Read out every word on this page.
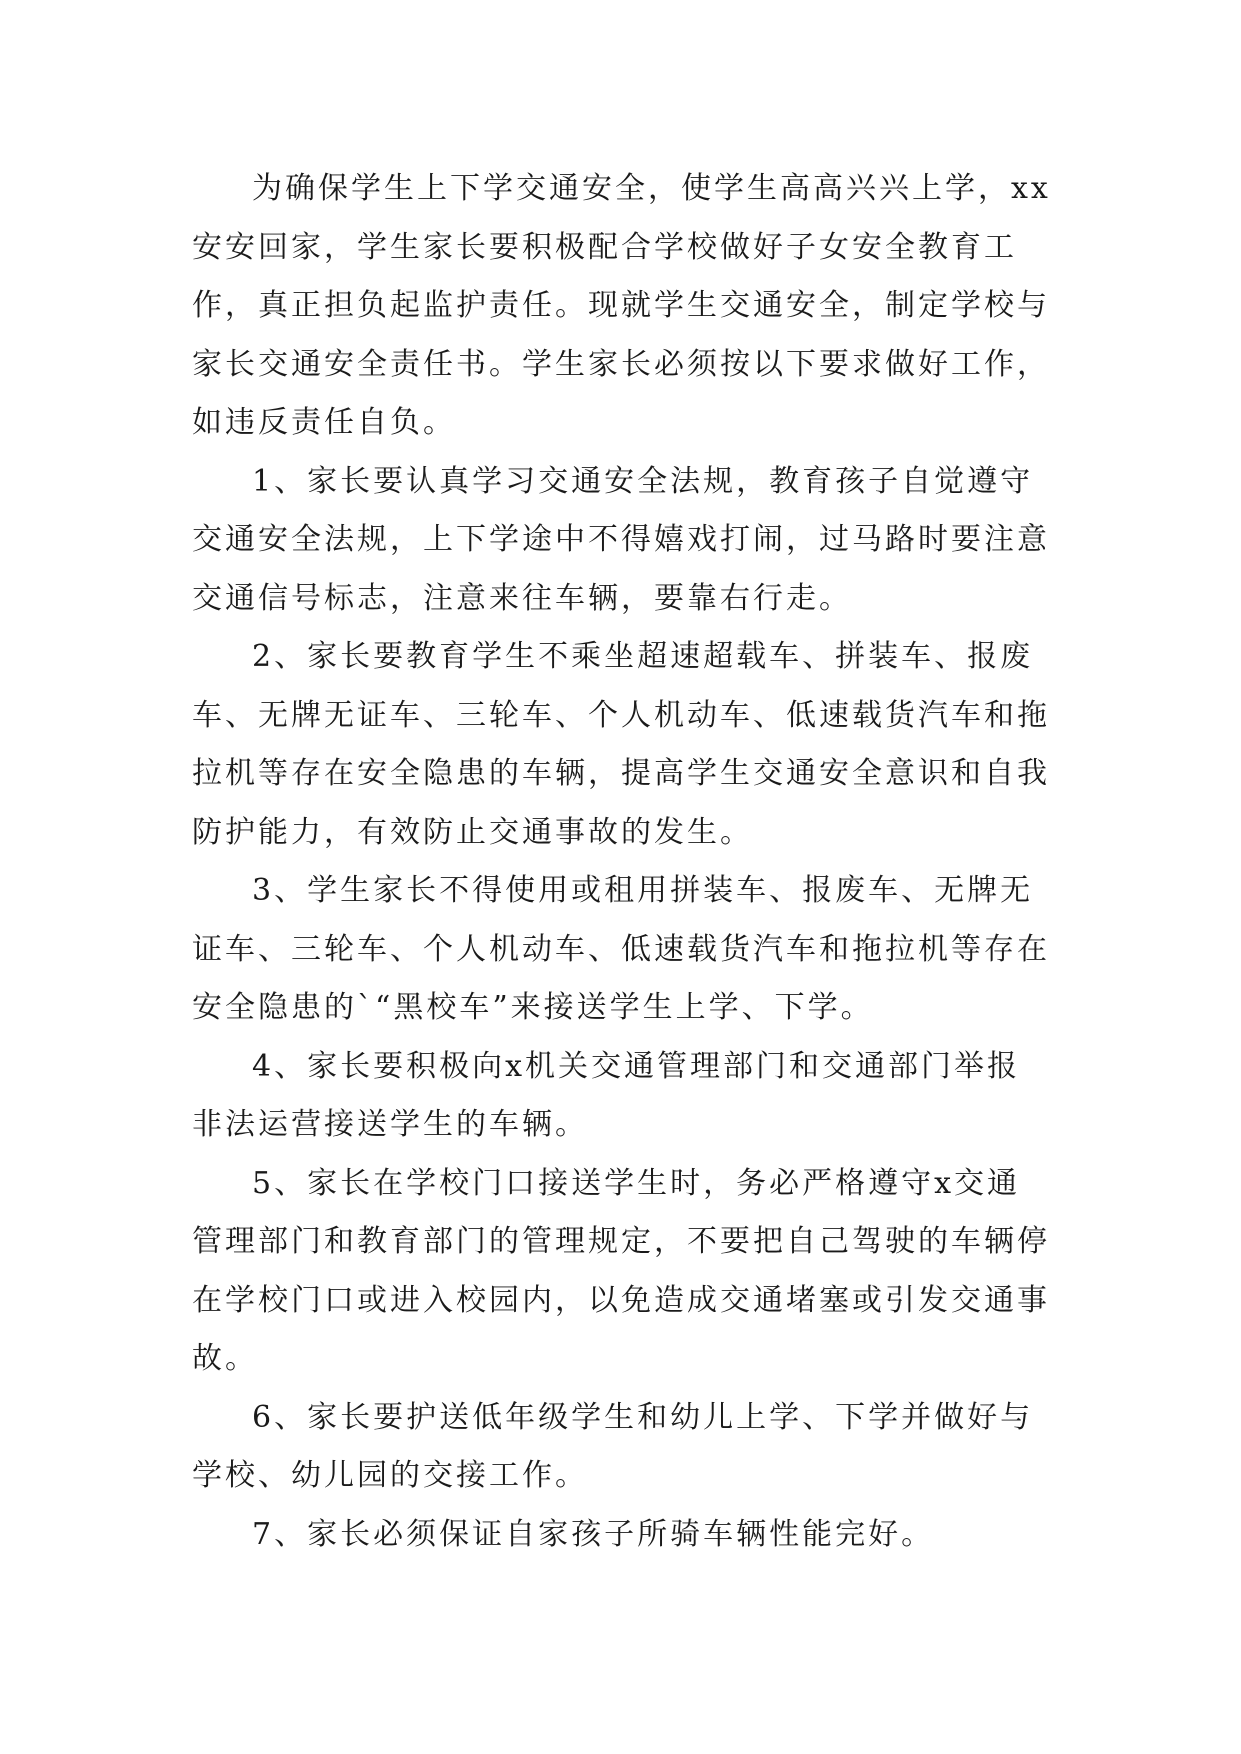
为确保学生上下学交通安全，使学生高高兴兴上学，xx安安回家，学生家长要积极配合学校做好子女安全教育工作，真正担负起监护责任。现就学生交通安全，制定学校与家长交通安全责任书。学生家长必须按以下要求做好工作，如违反责任自负。

1、家长要认真学习交通安全法规，教育孩子自觉遵守交通安全法规，上下学途中不得嬉戏打闹，过马路时要注意交通信号标志，注意来往车辆，要靠右行走。

2、家长要教育学生不乘坐超速超载车、拼装车、报废车、无牌无证车、三轮车、个人机动车、低速载货汽车和拖拉机等存在安全隐患的车辆，提高学生交通安全意识和自我防护能力，有效防止交通事故的发生。

3、学生家长不得使用或租用拼装车、报废车、无牌无证车、三轮车、个人机动车、低速载货汽车和拖拉机等存在安全隐患的`“黑校车”来接送学生上学、下学。

4、家长要积极向x机关交通管理部门和交通部门举报非法运营接送学生的车辆。

5、家长在学校门口接送学生时，务必严格遵守x交通管理部门和教育部门的管理规定，不要把自己驾驶的车辆停在学校门口或进入校园内，以免造成交通堵塞或引发交通事故。

6、家长要护送低年级学生和幼儿上学、下学并做好与学校、幼儿园的交接工作。

7、家长必须保证自家孩子所骑车辆性能完好。
